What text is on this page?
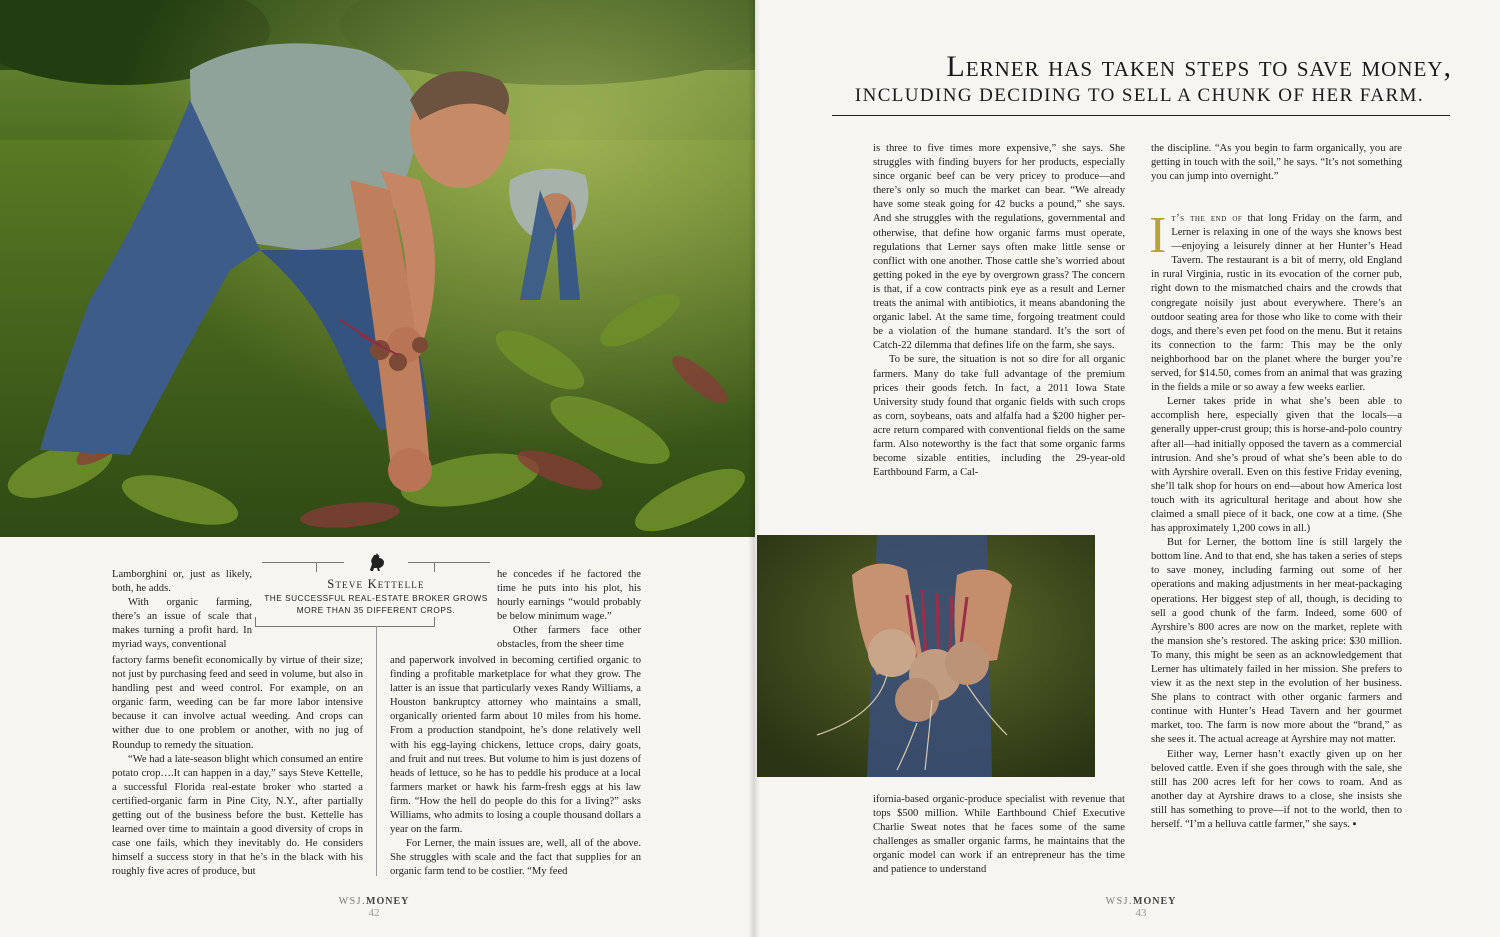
Steve Kettelle
THE SUCCESSFUL REAL-ESTATE BROKER GROWS MORE THAN 35 DIFFERENT CROPS.

Lamborghini or, just as likely, both, he adds.

With organic farming, there’s an issue of scale that makes turning a profit hard. In myriad ways, conventional

factory farms benefit economically by virtue of their size; not just by purchasing feed and seed in volume, but also in handling pest and weed control. For example, on an organic farm, weeding can be far more labor intensive because it can involve actual weeding. And crops can wither due to one problem or another, with no jug of Roundup to remedy the situation.

“We had a late-season blight which consumed an entire potato crop….It can happen in a day,” says Steve Kettelle, a successful Florida real-estate broker who started a certified-organic farm in Pine City, N.Y., after partially getting out of the business before the bust. Kettelle has learned over time to maintain a good diversity of crops in case one fails, which they inevitably do. He considers himself a success story in that he’s in the black with his roughly five acres of produce, but

he concedes if he factored the time he puts into his plot, his hourly earnings “would probably be below minimum wage.”

Other farmers face other obstacles, from the sheer time

and paperwork involved in becoming certified organic to finding a profitable marketplace for what they grow. The latter is an issue that particularly vexes Randy Williams, a Houston bankruptcy attorney who maintains a small, organically oriented farm about 10 miles from his home. From a production standpoint, he’s done relatively well with his egg-laying chickens, lettuce crops, dairy goats, and fruit and nut trees. But volume to him is just dozens of heads of lettuce, so he has to peddle his produce at a local farmers market or hawk his farm-fresh eggs at his law firm. “How the hell do people do this for a living?” asks Williams, who admits to losing a couple thousand dollars a year on the farm.

For Lerner, the main issues are, well, all of the above. She struggles with scale and the fact that supplies for an organic farm tend to be costlier. “My feed

Lerner has taken steps to save money,
INCLUDING DECIDING TO SELL A CHUNK OF HER FARM.

is three to five times more expensive,” she says. She struggles with finding buyers for her products, especially since organic beef can be very pricey to produce—and there’s only so much the market can bear. “We already have some steak going for 42 bucks a pound,” she says. And she struggles with the regulations, governmental and otherwise, that define how organic farms must operate, regulations that Lerner says often make little sense or conflict with one another. Those cattle she’s worried about getting poked in the eye by overgrown grass? The concern is that, if a cow contracts pink eye as a result and Lerner treats the animal with antibiotics, it means abandoning the organic label. At the same time, forgoing treatment could be a violation of the humane standard. It’s the sort of Catch-22 dilemma that defines life on the farm, she says.

To be sure, the situation is not so dire for all organic farmers. Many do take full advantage of the premium prices their goods fetch. In fact, a 2011 Iowa State University study found that organic fields with such crops as corn, soybeans, oats and alfalfa had a $200 higher per-acre return compared with conventional fields on the same farm. Also noteworthy is the fact that some organic farms become sizable entities, including the 29-year-old Earthbound Farm, a Cal-

ifornia-based organic-produce specialist with revenue that tops $500 million. While Earthbound Chief Executive Charlie Sweat notes that he faces some of the same challenges as smaller organic farms, he maintains that the organic model can work if an entrepreneur has the time and patience to understand

the discipline. “As you begin to farm organically, you are getting in touch with the soil,” he says. “It’s not something you can jump into overnight.”

It’s the end of that long Friday on the farm, and Lerner is relaxing in one of the ways she knows best—enjoying a leisurely dinner at her Hunter’s Head Tavern. The restaurant is a bit of merry, old England in rural Virginia, rustic in its evocation of the corner pub, right down to the mismatched chairs and the crowds that congregate noisily just about everywhere. There’s an outdoor seating area for those who like to come with their dogs, and there’s even pet food on the menu. But it retains its connection to the farm: This may be the only neighborhood bar on the planet where the burger you’re served, for $14.50, comes from an animal that was grazing in the fields a mile or so away a few weeks earlier.

Lerner takes pride in what she’s been able to accomplish here, especially given that the locals—a generally upper-crust group; this is horse-and-polo country after all—had initially opposed the tavern as a commercial intrusion. And she’s proud of what she’s been able to do with Ayrshire overall. Even on this festive Friday evening, she’ll talk shop for hours on end—about how America lost touch with its agricultural heritage and about how she claimed a small piece of it back, one cow at a time. (She has approximately 1,200 cows in all.)

But for Lerner, the bottom line is still largely the bottom line. And to that end, she has taken a series of steps to save money, including farming out some of her operations and making adjustments in her meat-packaging operations. Her biggest step of all, though, is deciding to sell a good chunk of the farm. Indeed, some 600 of Ayrshire’s 800 acres are now on the market, replete with the mansion she’s restored. The asking price: $30 million. To many, this might be seen as an acknowledgement that Lerner has ultimately failed in her mission. She prefers to view it as the next step in the evolution of her business. She plans to contract with other organic farmers and continue with Hunter’s Head Tavern and her gourmet market, too. The farm is now more about the “brand,” as she sees it. The actual acreage at Ayrshire may not matter.

Either way, Lerner hasn’t exactly given up on her beloved cattle. Even if she goes through with the sale, she still has 200 acres left for her cows to roam. And as another day at Ayrshire draws to a close, she insists she still has something to prove—if not to the world, then to herself. “I’m a helluva cattle farmer,” she says. ▪

WSJ.MONEY
42
WSJ.MONEY
43
